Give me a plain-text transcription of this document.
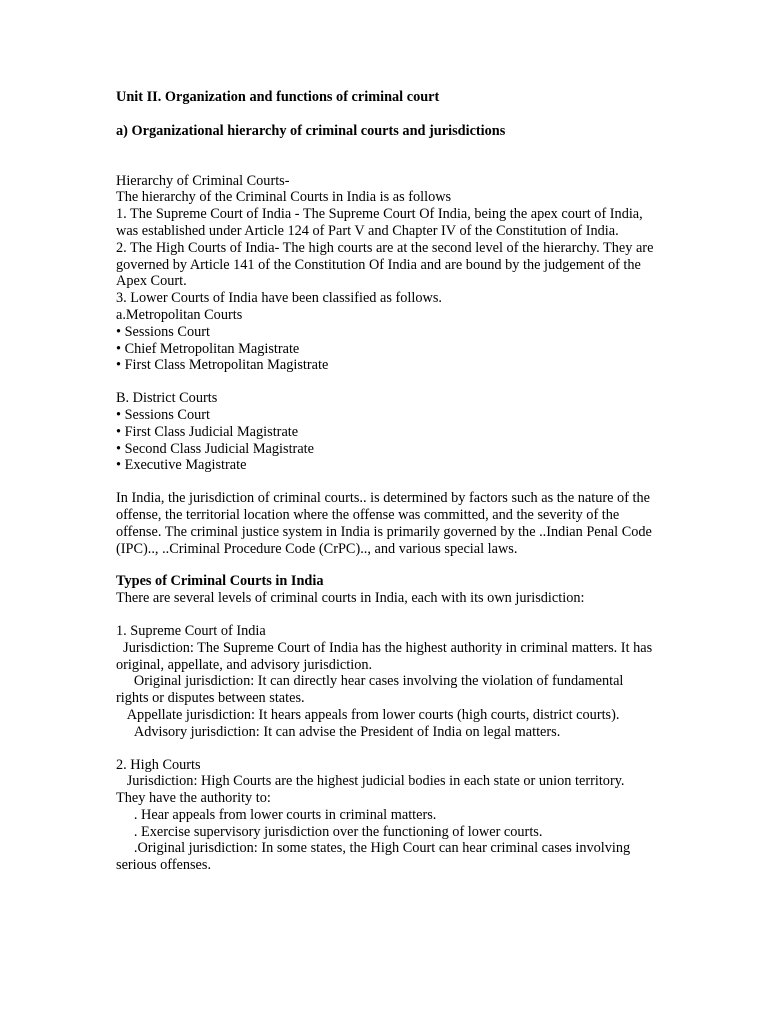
Unit II. Organization and functions of criminal court

a) Organizational hierarchy of criminal courts and jurisdictions

Hierarchy of Criminal Courts-

The hierarchy of the Criminal Courts in India is as follows

1. The Supreme Court of India - The Supreme Court Of India, being the apex court of India, was established under Article 124 of Part V and Chapter IV of the Constitution of India.

2. The High Courts of India- The high courts are at the second level of the hierarchy. They are governed by Article 141 of the Constitution Of India and are bound by the judgement of the Apex Court.

3. Lower Courts of India have been classified as follows.

a.Metropolitan Courts

• Sessions Court

• Chief Metropolitan Magistrate

• First Class Metropolitan Magistrate

B. District Courts

• Sessions Court

• First Class Judicial Magistrate

• Second Class Judicial Magistrate

• Executive Magistrate

In India, the jurisdiction of criminal courts.. is determined by factors such as the nature of the offense, the territorial location where the offense was committed, and the severity of the offense. The criminal justice system in India is primarily governed by the ..Indian Penal Code (IPC).., ..Criminal Procedure Code (CrPC).., and various special laws.

Types of Criminal Courts in India

There are several levels of criminal courts in India, each with its own jurisdiction:

1. Supreme Court of India

Jurisdiction: The Supreme Court of India has the highest authority in criminal matters. It has original, appellate, and advisory jurisdiction.

Original jurisdiction: It can directly hear cases involving the violation of fundamental rights or disputes between states.

Appellate jurisdiction: It hears appeals from lower courts (high courts, district courts).

Advisory jurisdiction: It can advise the President of India on legal matters.

2. High Courts

Jurisdiction: High Courts are the highest judicial bodies in each state or union territory. They have the authority to:

. Hear appeals from lower courts in criminal matters.

. Exercise supervisory jurisdiction over the functioning of lower courts.

.Original jurisdiction: In some states, the High Court can hear criminal cases involving serious offenses.
